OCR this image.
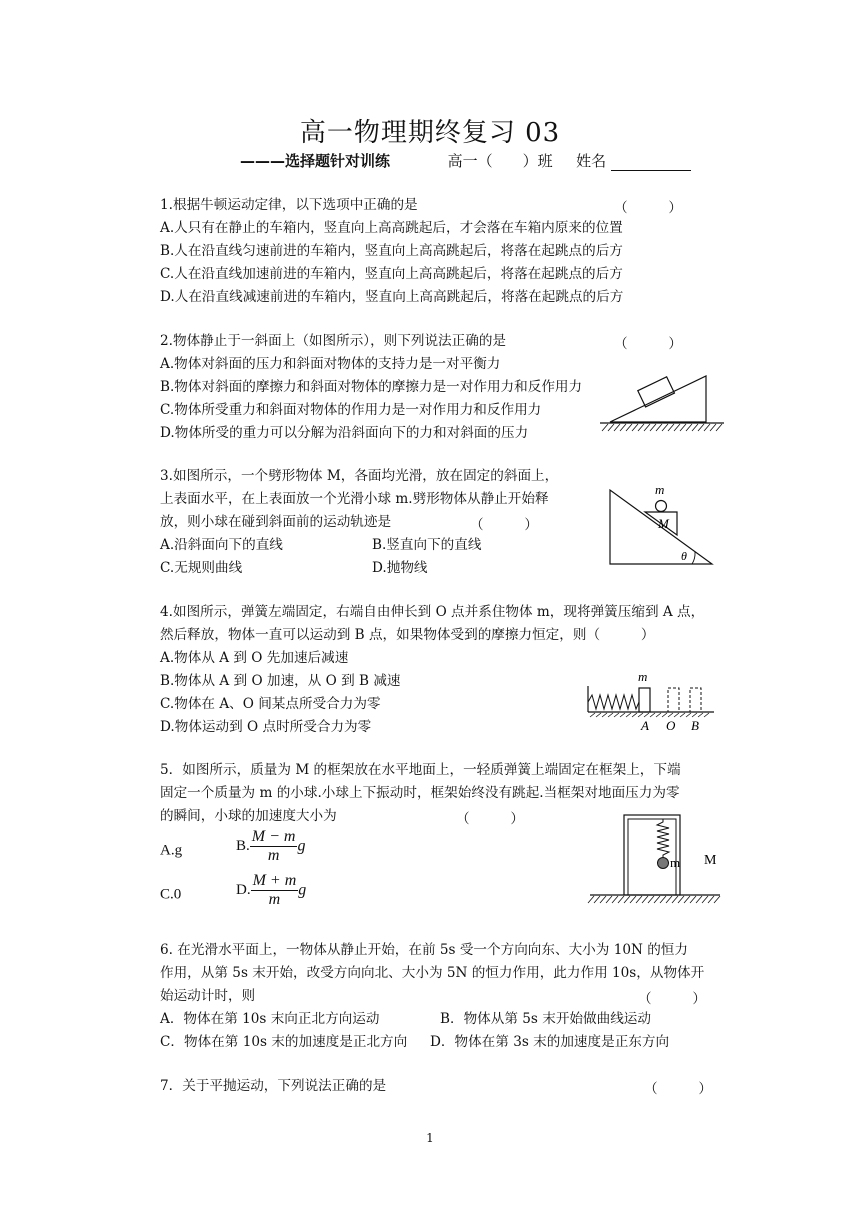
高一物理期终复习 03
———选择题针对训练	高一（　　）班 姓名
1.根据牛顿运动定律，以下选项中正确的是	（　　　）
A.人只有在静止的车箱内，竖直向上高高跳起后，才会落在车箱内原来的位置
B.人在沿直线匀速前进的车箱内，竖直向上高高跳起后，将落在起跳点的后方
C.人在沿直线加速前进的车箱内，竖直向上高高跳起后，将落在起跳点的后方
D.人在沿直线减速前进的车箱内，竖直向上高高跳起后，将落在起跳点的后方
2.物体静止于一斜面上（如图所示），则下列说法正确的是	（　　　）
A.物体对斜面的压力和斜面对物体的支持力是一对平衡力
B.物体对斜面的摩擦力和斜面对物体的摩擦力是一对作用力和反作用力
C.物体所受重力和斜面对物体的作用力是一对作用力和反作用力
D.物体所受的重力可以分解为沿斜面向下的力和对斜面的压力
3.如图所示，一个劈形物体 M，各面均光滑，放在固定的斜面上，
上表面水平，在上表面放一个光滑小球 m.劈形物体从静止开始释
放，则小球在碰到斜面前的运动轨迹是	（　　　）
A.沿斜面向下的直线	B.竖直向下的直线
C.无规则曲线	D.抛物线
m
M
θ
4.如图所示，弹簧左端固定，右端自由伸长到 O 点并系住物体 m，现将弹簧压缩到 A 点，
然后释放，物体一直可以运动到 B 点，如果物体受到的摩擦力恒定，则（　　　）
A.物体从 A 到 O 先加速后减速
B.物体从 A 到 O 加速，从 O 到 B 减速
C.物体在 A、O 间某点所受合力为零
D.物体运动到 O 点时所受合力为零
m
A O B
5．如图所示，质量为 M 的框架放在水平地面上，一轻质弹簧上端固定在框架上，下端
固定一个质量为 m 的小球.小球上下振动时，框架始终没有跳起.当框架对地面压力为零
的瞬间，小球的加速度大小为	（　　　）
A.g	B. $\frac{M - m}{m}$ g
C.0	D. $\frac{M + m}{m}$ g
m M
6. 在光滑水平面上，一物体从静止开始，在前 5s 受一个方向向东、大小为 10N 的恒力
作用，从第 5s 末开始，改受方向向北、大小为 5N 的恒力作用，此力作用 10s，从物体开
始运动计时，则	（　　　）
A．物体在第 10s 末向正北方向运动	B．物体从第 5s 末开始做曲线运动
C．物体在第 10s 末的加速度是正北方向 D．物体在第 3s 末的加速度是正东方向
7．关于平抛运动，下列说法正确的是	（　　　）
1
